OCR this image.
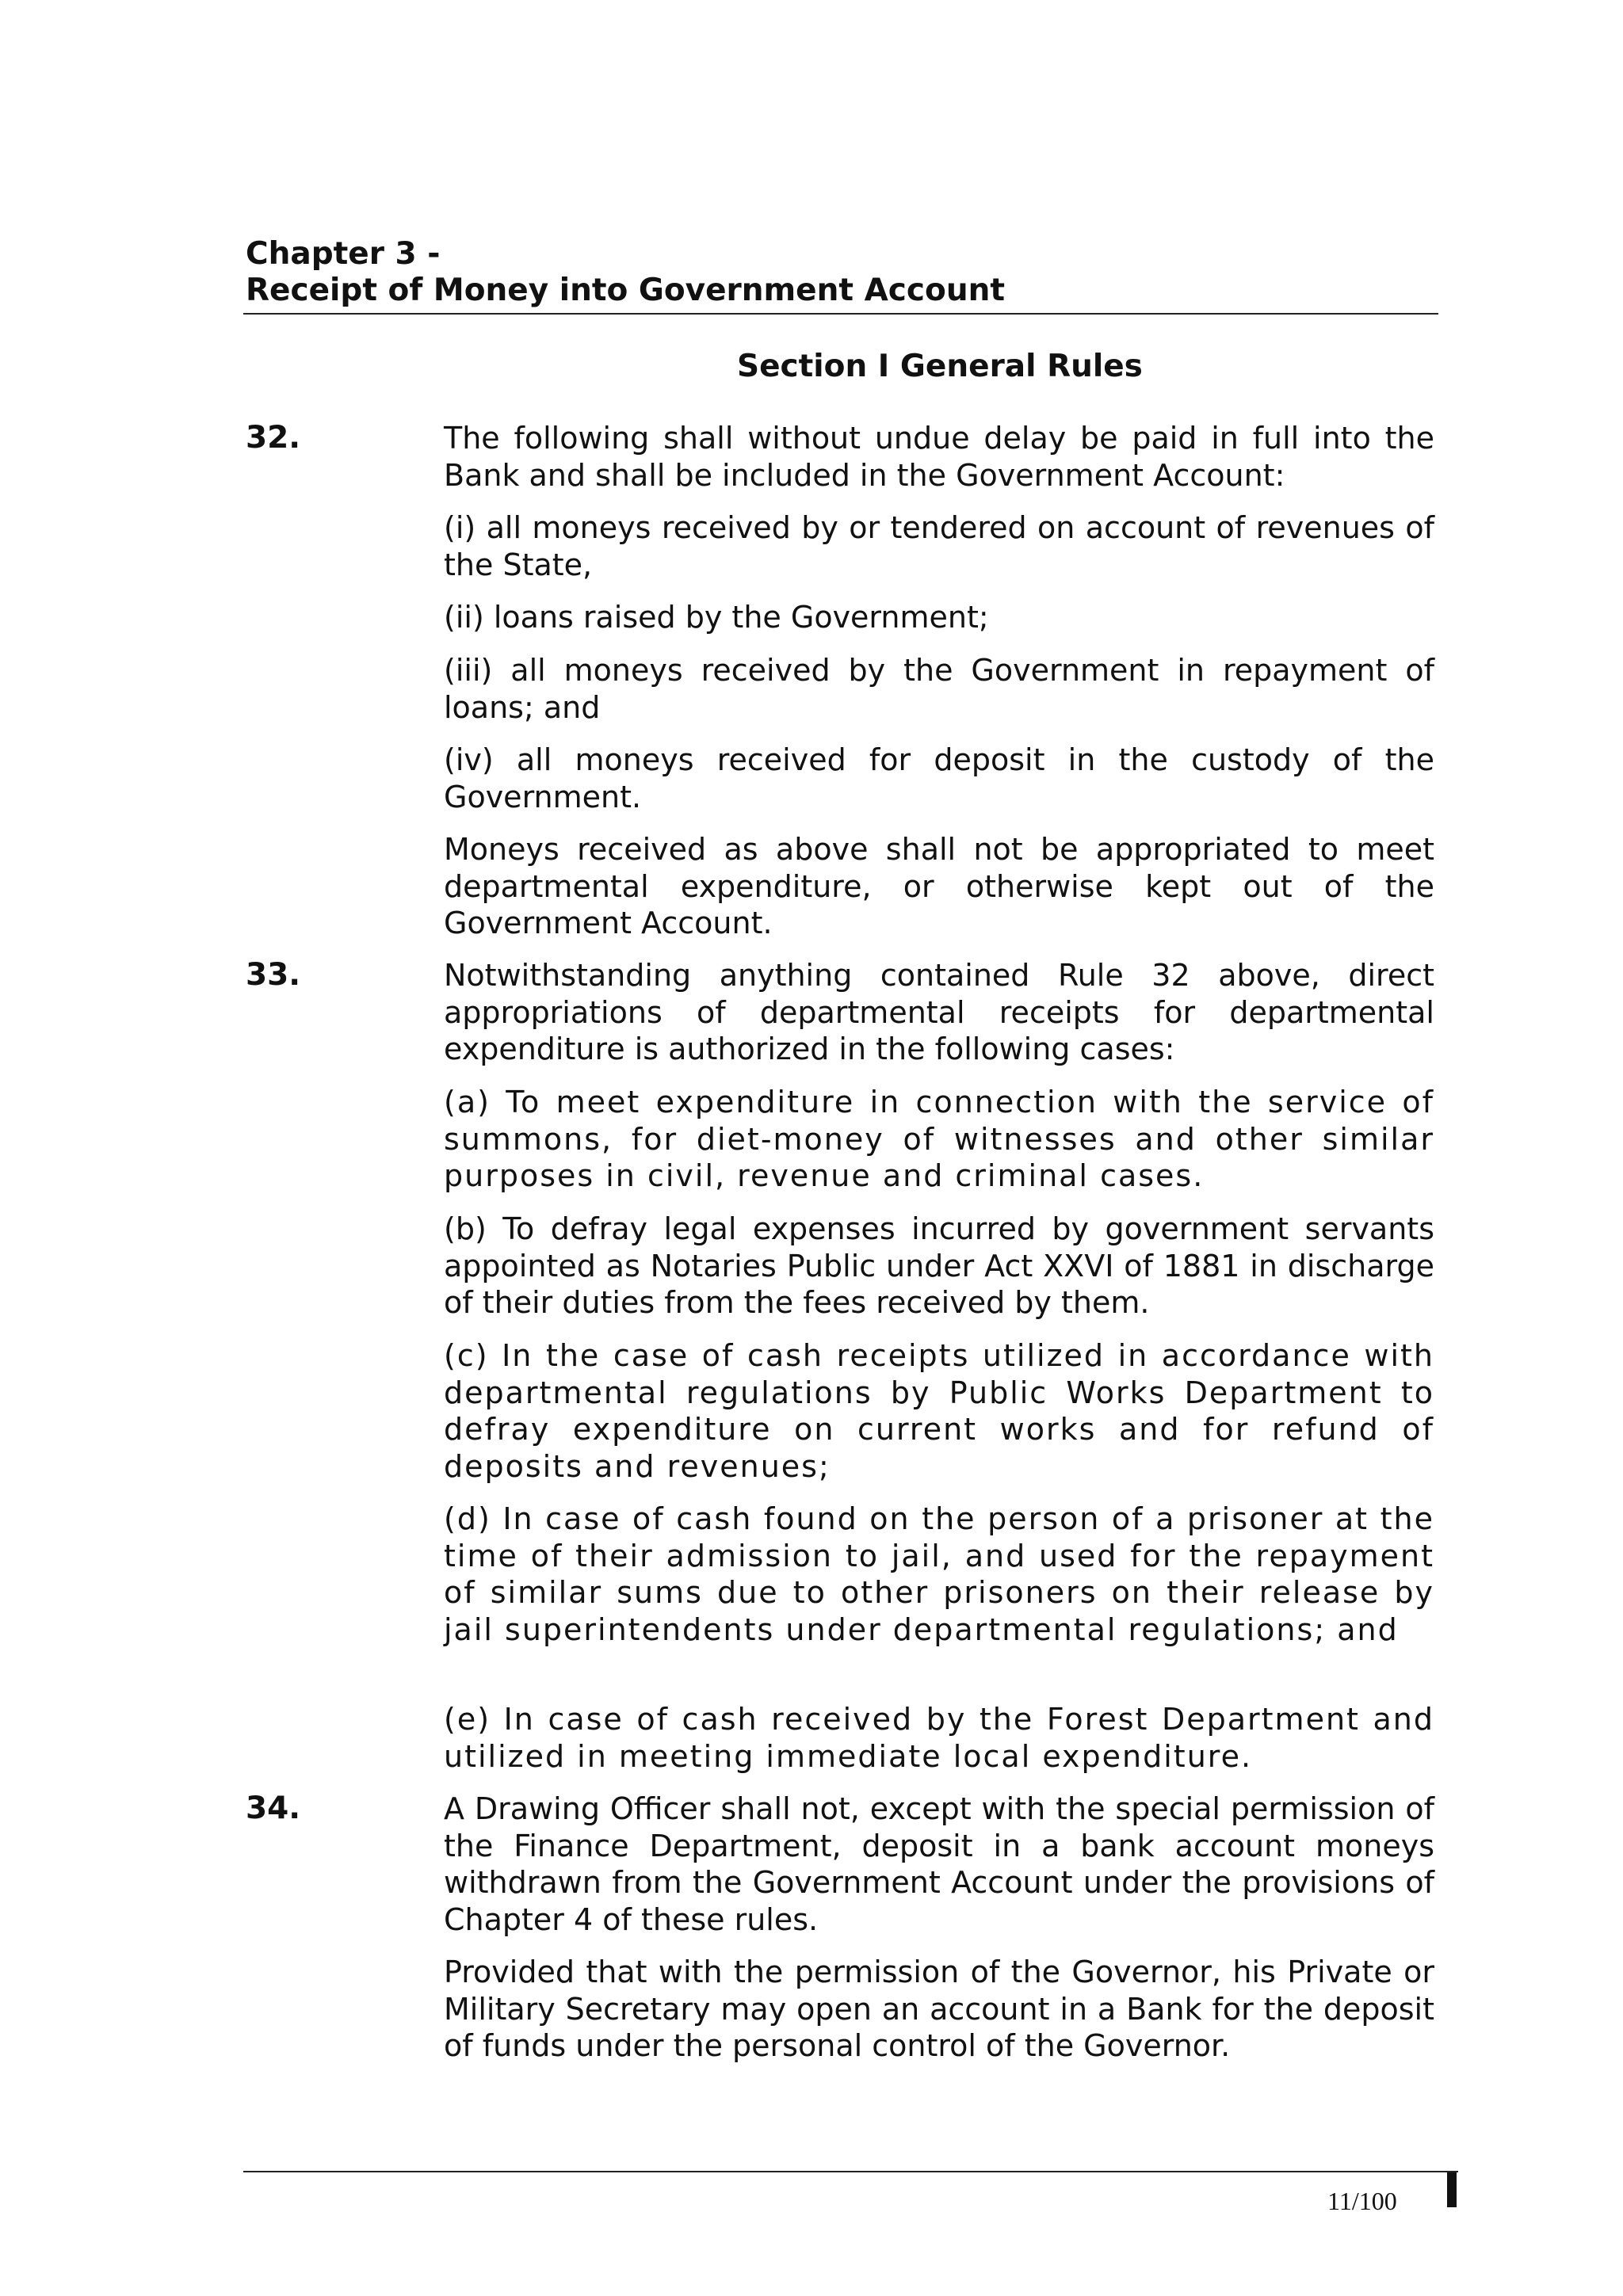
Chapter 3 -
Receipt of Money into Government Account
Section I General Rules
32.	The following shall without undue delay be paid in full into the Bank and shall be included in the Government Account:

(i) all moneys received by or tendered on account of revenues of the State,

(ii) loans raised by the Government;

(iii) all moneys received by the Government in repayment of loans; and

(iv) all moneys received for deposit in the custody of the Government.

Moneys received as above shall not be appropriated to meet departmental expenditure, or otherwise kept out of the Government Account.

33.	Notwithstanding anything contained Rule 32 above, direct appropriations of departmental receipts for departmental expenditure is authorized in the following cases:

(a) To meet expenditure in connection with the service of summons, for diet-money of witnesses and other similar purposes in civil, revenue and criminal cases.

(b) To defray legal expenses incurred by government servants appointed as Notaries Public under Act XXVI of 1881 in discharge of their duties from the fees received by them.

(c) In the case of cash receipts utilized in accordance with departmental regulations by Public Works Department to defray expenditure on current works and for refund of deposits and revenues;

(d) In case of cash found on the person of a prisoner at the time of their admission to jail, and used for the repayment of similar sums due to other prisoners on their release by jail superintendents under departmental regulations; and

(e) In case of cash received by the Forest Department and utilized in meeting immediate local expenditure.

34.	A Drawing Officer shall not, except with the special permission of the Finance Department, deposit in a bank account moneys withdrawn from the Government Account under the provisions of Chapter 4 of these rules.

Provided that with the permission of the Governor, his Private or Military Secretary may open an account in a Bank for the deposit of funds under the personal control of the Governor.

11/100
